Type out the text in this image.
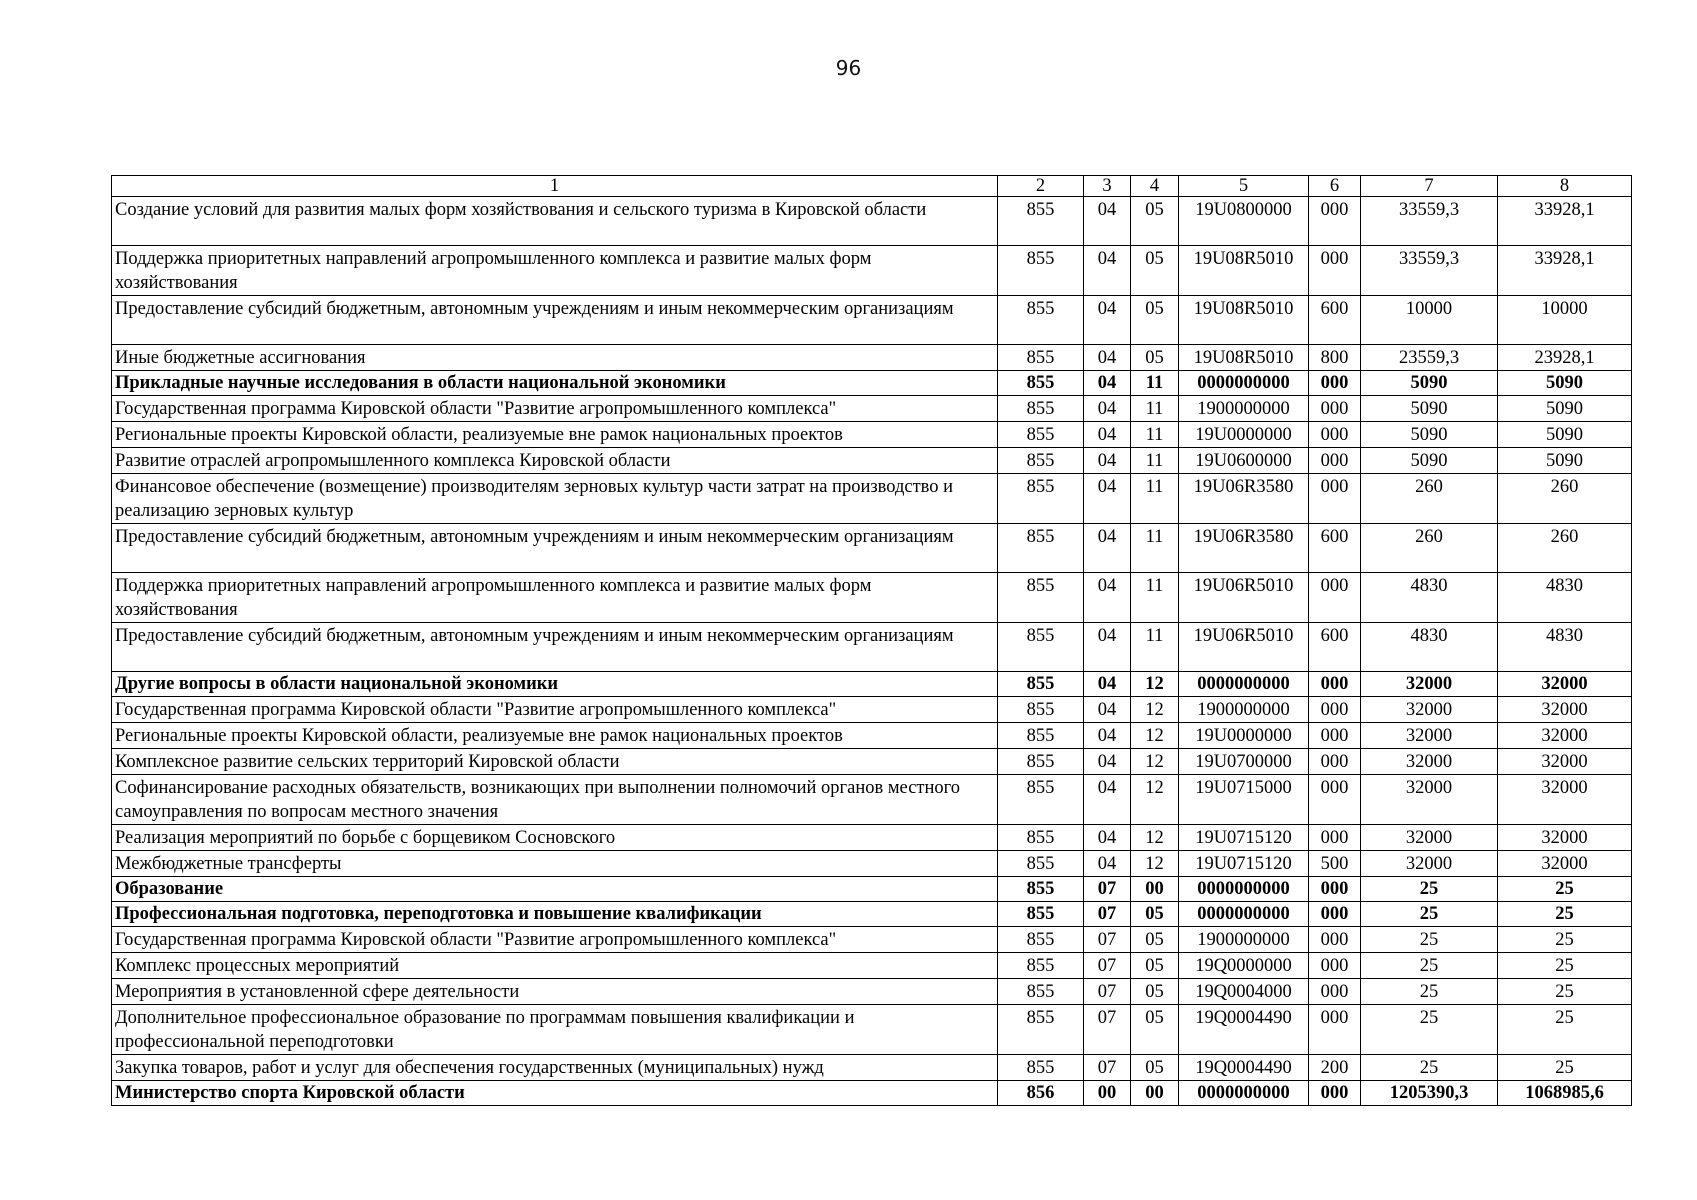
96
1	2	3	4	5	6	7	8
Создание условий для развития малых форм хозяйствования и сельского туризма в Кировской области	855	04	05	19U0800000	000	33559,3	33928,1
Поддержка приоритетных направлений агропромышленного комплекса и развитие малых форм хозяйствования	855	04	05	19U08R5010	000	33559,3	33928,1
Предоставление субсидий бюджетным, автономным учреждениям и иным некоммерческим организациям	855	04	05	19U08R5010	600	10000	10000
Иные бюджетные ассигнования	855	04	05	19U08R5010	800	23559,3	23928,1
Прикладные научные исследования в области национальной экономики	855	04	11	0000000000	000	5090	5090
Государственная программа Кировской области "Развитие агропромышленного комплекса"	855	04	11	1900000000	000	5090	5090
Региональные проекты Кировской области, реализуемые вне рамок национальных проектов	855	04	11	19U0000000	000	5090	5090
Развитие отраслей агропромышленного комплекса Кировской области	855	04	11	19U0600000	000	5090	5090
Финансовое обеспечение (возмещение) производителям зерновых культур части затрат на производство и реализацию зерновых культур	855	04	11	19U06R3580	000	260	260
Предоставление субсидий бюджетным, автономным учреждениям и иным некоммерческим организациям	855	04	11	19U06R3580	600	260	260
Поддержка приоритетных направлений агропромышленного комплекса и развитие малых форм хозяйствования	855	04	11	19U06R5010	000	4830	4830
Предоставление субсидий бюджетным, автономным учреждениям и иным некоммерческим организациям	855	04	11	19U06R5010	600	4830	4830
Другие вопросы в области национальной экономики	855	04	12	0000000000	000	32000	32000
Государственная программа Кировской области "Развитие агропромышленного комплекса"	855	04	12	1900000000	000	32000	32000
Региональные проекты Кировской области, реализуемые вне рамок национальных проектов	855	04	12	19U0000000	000	32000	32000
Комплексное развитие сельских территорий Кировской области	855	04	12	19U0700000	000	32000	32000
Софинансирование расходных обязательств, возникающих при выполнении полномочий органов местного самоуправления по вопросам местного значения	855	04	12	19U0715000	000	32000	32000
Реализация мероприятий по борьбе с борщевиком Сосновского	855	04	12	19U0715120	000	32000	32000
Межбюджетные трансферты	855	04	12	19U0715120	500	32000	32000
Образование	855	07	00	0000000000	000	25	25
Профессиональная подготовка, переподготовка и повышение квалификации	855	07	05	0000000000	000	25	25
Государственная программа Кировской области "Развитие агропромышленного комплекса"	855	07	05	1900000000	000	25	25
Комплекс процессных мероприятий	855	07	05	19Q0000000	000	25	25
Мероприятия в установленной сфере деятельности	855	07	05	19Q0004000	000	25	25
Дополнительное профессиональное образование по программам повышения квалификации и профессиональной переподготовки	855	07	05	19Q0004490	000	25	25
Закупка товаров, работ и услуг для обеспечения государственных (муниципальных) нужд	855	07	05	19Q0004490	200	25	25
Министерство спорта Кировской области	856	00	00	0000000000	000	1205390,3	1068985,6
